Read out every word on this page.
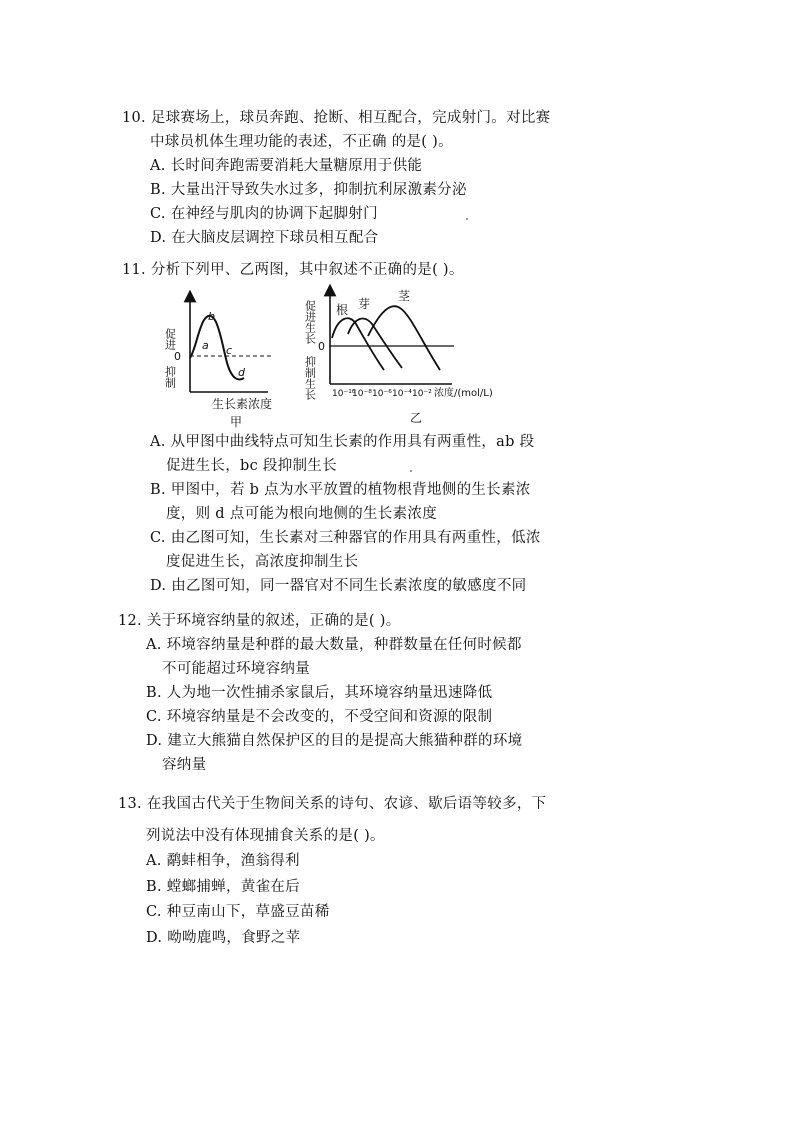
10. 足球赛场上，球员奔跑、抢断、相互配合，完成射门。对比赛
中球员机体生理功能的表述，不正确 的是( )。
A. 长时间奔跑需要消耗大量糖原用于供能
B. 大量出汗导致失水过多，抑制抗利尿激素分泌
C. 在神经与肌肉的协调下起脚射门
D. 在大脑皮层调控下球员相互配合
11. 分析下列甲、乙两图，其中叙述不正确的是( )。
A. 从甲图中曲线特点可知生长素的作用具有两重性，ab 段
促进生长，bc 段抑制生长
B. 甲图中，若 b 点为水平放置的植物根背地侧的生长素浓
度，则 d 点可能为根向地侧的生长素浓度
C. 由乙图可知，生长素对三种器官的作用具有两重性，低浓
度促进生长，高浓度抑制生长
D. 由乙图可知，同一器官对不同生长素浓度的敏感度不同
促进
0
抑制
a
b
c
d
生长素浓度
甲
促进生长
0
抑制生长
根 芽
茎
10⁻¹⁰
10⁻⁸ 10⁻⁶ 10⁻⁴ 10⁻² 浓度/(mol/L)
乙
12. 关于环境容纳量的叙述，正确的是( )。
A. 环境容纳量是种群的最大数量，种群数量在任何时候都
不可能超过环境容纳量
B. 人为地一次性捕杀家鼠后，其环境容纳量迅速降低
C. 环境容纳量是不会改变的，不受空间和资源的限制
D. 建立大熊猫自然保护区的目的是提高大熊猫种群的环境
容纳量
13. 在我国古代关于生物间关系的诗句、农谚、歇后语等较多，下
列说法中没有体现捕食关系的是( )。
A. 鹬蚌相争，渔翁得利
B. 螳螂捕蝉，黄雀在后
C. 种豆南山下，草盛豆苗稀
D. 呦呦鹿鸣，食野之苹
